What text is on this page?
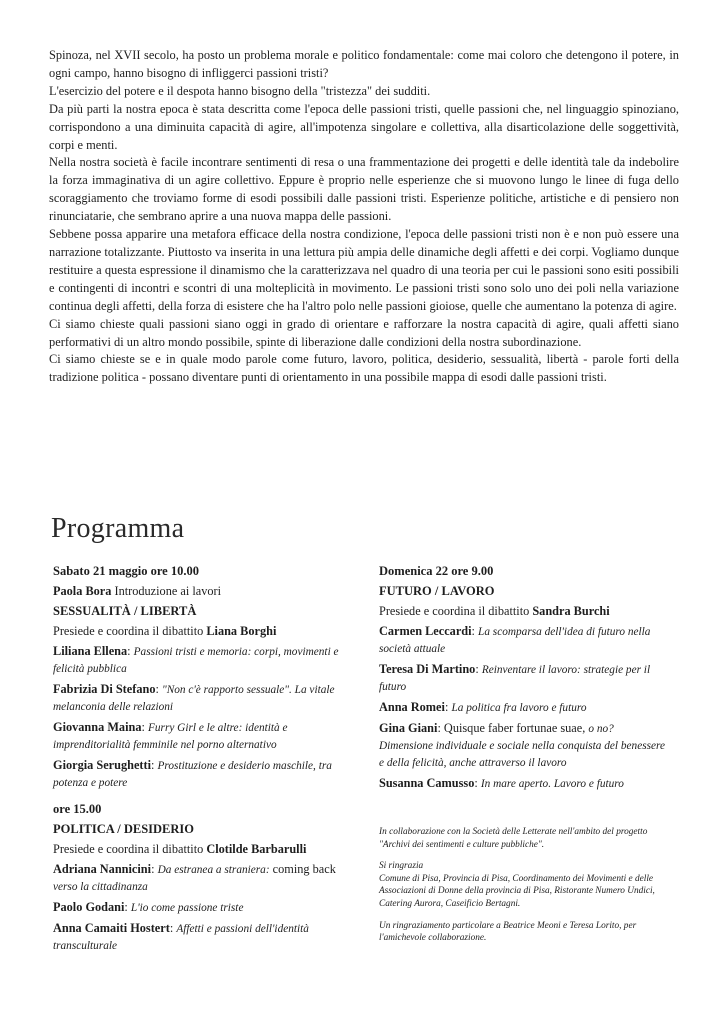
Spinoza, nel XVII secolo, ha posto un problema morale e politico fondamentale: come mai coloro che detengono il potere, in ogni campo, hanno bisogno di infliggerci passioni tristi?

L'esercizio del potere e il despota hanno bisogno della "tristezza" dei sudditi.

Da più parti la nostra epoca è stata descritta come l'epoca delle passioni tristi, quelle passioni che, nel linguaggio spinoziano, corrispondono a una diminuita capacità di agire, all'impotenza singolare e collettiva, alla disarticolazione delle soggettività, corpi e menti.

Nella nostra società è facile incontrare sentimenti di resa o una frammentazione dei progetti e delle identità tale da indebolire la forza immaginativa di un agire collettivo. Eppure è proprio nelle esperienze che si muovono lungo le linee di fuga dello scoraggiamento che troviamo forme di esodi possibili dalle passioni tristi. Esperienze politiche, artistiche e di pensiero non rinunciatarie, che sembrano aprire a una nuova mappa delle passioni.

Sebbene possa apparire una metafora efficace della nostra condizione, l'epoca delle passioni tristi non è e non può essere una narrazione totalizzante. Piuttosto va inserita in una lettura più ampia delle dinamiche degli affetti e dei corpi. Vogliamo dunque restituire a questa espressione il dinamismo che la caratterizzava nel quadro di una teoria per cui le passioni sono esiti possibili e contingenti di incontri e scontri di una molteplicità in movimento. Le passioni tristi sono solo uno dei poli nella variazione continua degli affetti, della forza di esistere che ha l'altro polo nelle passioni gioiose, quelle che aumentano la potenza di agire.

Ci siamo chieste quali passioni siano oggi in grado di orientare e rafforzare la nostra capacità di agire, quali affetti siano performativi di un altro mondo possibile, spinte di liberazione dalle condizioni della nostra subordinazione.

Ci siamo chieste se e in quale modo parole come futuro, lavoro, politica, desiderio, sessualità, libertà - parole forti della tradizione politica - possano diventare punti di orientamento in una possibile mappa di esodi dalle passioni tristi.

Programma
Sabato 21 maggio ore 10.00
Paola Bora Introduzione ai lavori
SESSUALITÀ / LIBERTÀ
Presiede e coordina il dibattito Liana Borghi
Liliana Ellena: Passioni tristi e memoria: corpi, movimenti e felicità pubblica
Fabrizia Di Stefano: "Non c'è rapporto sessuale". La vitale melanconia delle relazioni
Giovanna Maina: Furry Girl e le altre: identità e imprenditorialità femminile nel porno alternativo
Giorgia Serughetti: Prostituzione e desiderio maschile, tra potenza e potere
ore 15.00
POLITICA / DESIDERIO
Presiede e coordina il dibattito Clotilde Barbarulli
Adriana Nannicini: Da estranea a straniera: coming back verso la cittadinanza
Paolo Godani: L'io come passione triste
Anna Camaiti Hostert: Affetti e passioni dell'identità transculturale
Domenica 22 ore 9.00
FUTURO / LAVORO
Presiede e coordina il dibattito Sandra Burchi
Carmen Leccardi: La scomparsa dell'idea di futuro nella società attuale
Teresa Di Martino: Reinventare il lavoro: strategie per il futuro
Anna Romei: La politica fra lavoro e futuro
Gina Giani: Quisque faber fortunae suae, o no? Dimensione individuale e sociale nella conquista del benessere e della felicità, anche attraverso il lavoro
Susanna Camusso: In mare aperto. Lavoro e futuro

In collaborazione con la Società delle Letterate nell'ambito del progetto "Archivi dei sentimenti e culture pubbliche".

Si ringrazia
Comune di Pisa, Provincia di Pisa, Coordinamento dei Movimenti e delle Associazioni di Donne della provincia di Pisa, Ristorante Numero Undici, Catering Aurora, Caseificio Bertagni.

Un ringraziamento particolare a Beatrice Meoni e Teresa Lorito, per l'amichevole collaborazione.
